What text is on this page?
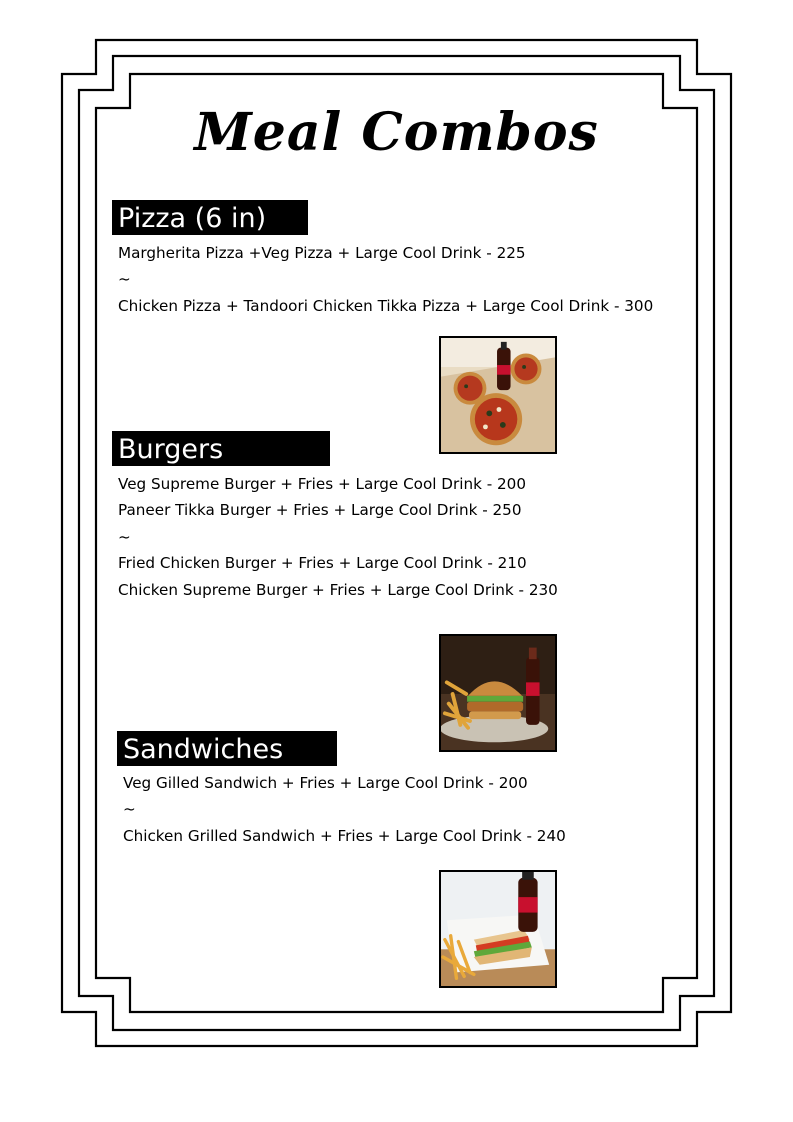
Meal Combos
Pizza (6 in)
Margherita Pizza +Veg Pizza + Large Cool Drink - 225
~
Chicken Pizza + Tandoori Chicken Tikka Pizza + Large Cool Drink - 300
Burgers
Veg Supreme Burger + Fries + Large Cool Drink - 200
Paneer Tikka Burger + Fries + Large Cool Drink - 250
~
Fried Chicken Burger + Fries + Large Cool Drink - 210
Chicken Supreme Burger + Fries + Large Cool Drink - 230
Sandwiches
Veg Gilled Sandwich + Fries + Large Cool Drink - 200
~
Chicken Grilled Sandwich + Fries + Large Cool Drink - 240
